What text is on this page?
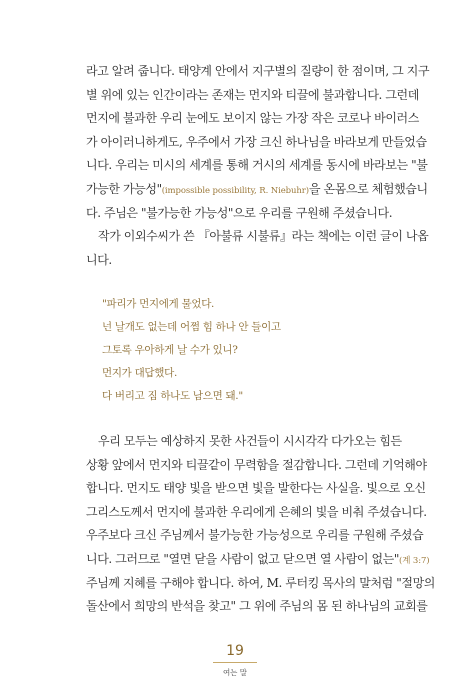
라고 알려 줍니다. 태양계 안에서 지구별의 질량이 한 점이며, 그 지구
별 위에 있는 인간이라는 존재는 먼지와 티끌에 불과합니다. 그런데
먼지에 불과한 우리 눈에도 보이지 않는 가장 작은 코로나 바이러스
가 아이러니하게도, 우주에서 가장 크신 하나님을 바라보게 만들었습
니다. 우리는 미시의 세계를 통해 거시의 세계를 동시에 바라보는 "불
가능한 가능성"(impossible possibility, R. Niebuhr)을 온몸으로 체험했습니
다. 주님은 "불가능한 가능성"으로 우리를 구원해 주셨습니다.
작가 이외수씨가 쓴 『아불류 시불류』라는 책에는 이런 글이 나옵
니다.
"파리가 먼지에게 물었다.
넌 날개도 없는데 어쩜 힘 하나 안 들이고
그토록 우아하게 날 수가 있니?
먼지가 대답했다.
다 버리고 짐 하나도 남으면 돼."
우리 모두는 예상하지 못한 사건들이 시시각각 다가오는 힘든
상황 앞에서 먼지와 티끌같이 무력함을 절감합니다. 그런데 기억해야
합니다. 먼지도 태양 빛을 받으면 빛을 발한다는 사실을. 빛으로 오신
그리스도께서 먼지에 불과한 우리에게 은혜의 빛을 비춰 주셨습니다.
우주보다 크신 주님께서 불가능한 가능성으로 우리를 구원해 주셨습
니다. 그러므로 "열면 닫을 사람이 없고 닫으면 열 사람이 없는"(계 3:7)
주님께 지혜를 구해야 합니다. 하여, M. 루터킹 목사의 말처럼 "절망의
돌산에서 희망의 반석을 찾고" 그 위에 주님의 몸 된 하나님의 교회를
19
여는 말
